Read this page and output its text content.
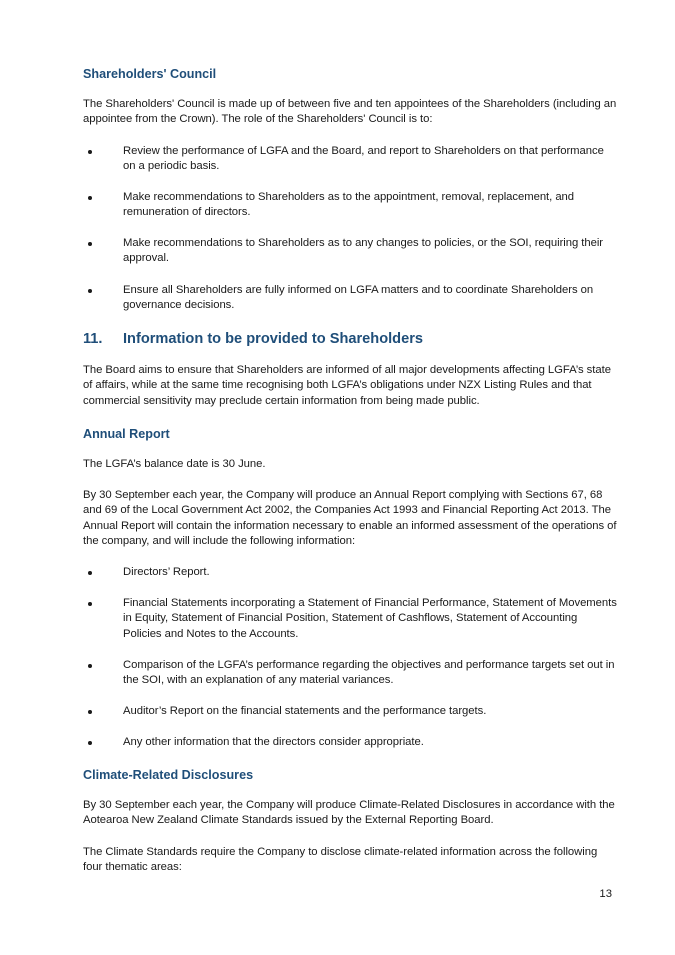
Shareholders' Council

The Shareholders' Council is made up of between five and ten appointees of the Shareholders (including an appointee from the Crown). The role of the Shareholders' Council is to:

Review the performance of LGFA and the Board, and report to Shareholders on that performance on a periodic basis.
Make recommendations to Shareholders as to the appointment, removal, replacement, and remuneration of directors.
Make recommendations to Shareholders as to any changes to policies, or the SOI, requiring their approval.
Ensure all Shareholders are fully informed on LGFA matters and to coordinate Shareholders on governance decisions.
11. Information to be provided to Shareholders

The Board aims to ensure that Shareholders are informed of all major developments affecting LGFA’s state of affairs, while at the same time recognising both LGFA’s obligations under NZX Listing Rules and that commercial sensitivity may preclude certain information from being made public.

Annual Report

The LGFA’s balance date is 30 June.

By 30 September each year, the Company will produce an Annual Report complying with Sections 67, 68 and 69 of the Local Government Act 2002, the Companies Act 1993 and Financial Reporting Act 2013. The Annual Report will contain the information necessary to enable an informed assessment of the operations of the company, and will include the following information:

Directors’ Report.
Financial Statements incorporating a Statement of Financial Performance, Statement of Movements in Equity, Statement of Financial Position, Statement of Cashflows, Statement of Accounting Policies and Notes to the Accounts.
Comparison of the LGFA’s performance regarding the objectives and performance targets set out in the SOI, with an explanation of any material variances.
Auditor’s Report on the financial statements and the performance targets.
Any other information that the directors consider appropriate.
Climate-Related Disclosures

By 30 September each year, the Company will produce Climate-Related Disclosures in accordance with the Aotearoa New Zealand Climate Standards issued by the External Reporting Board.

The Climate Standards require the Company to disclose climate-related information across the following four thematic areas:

13
